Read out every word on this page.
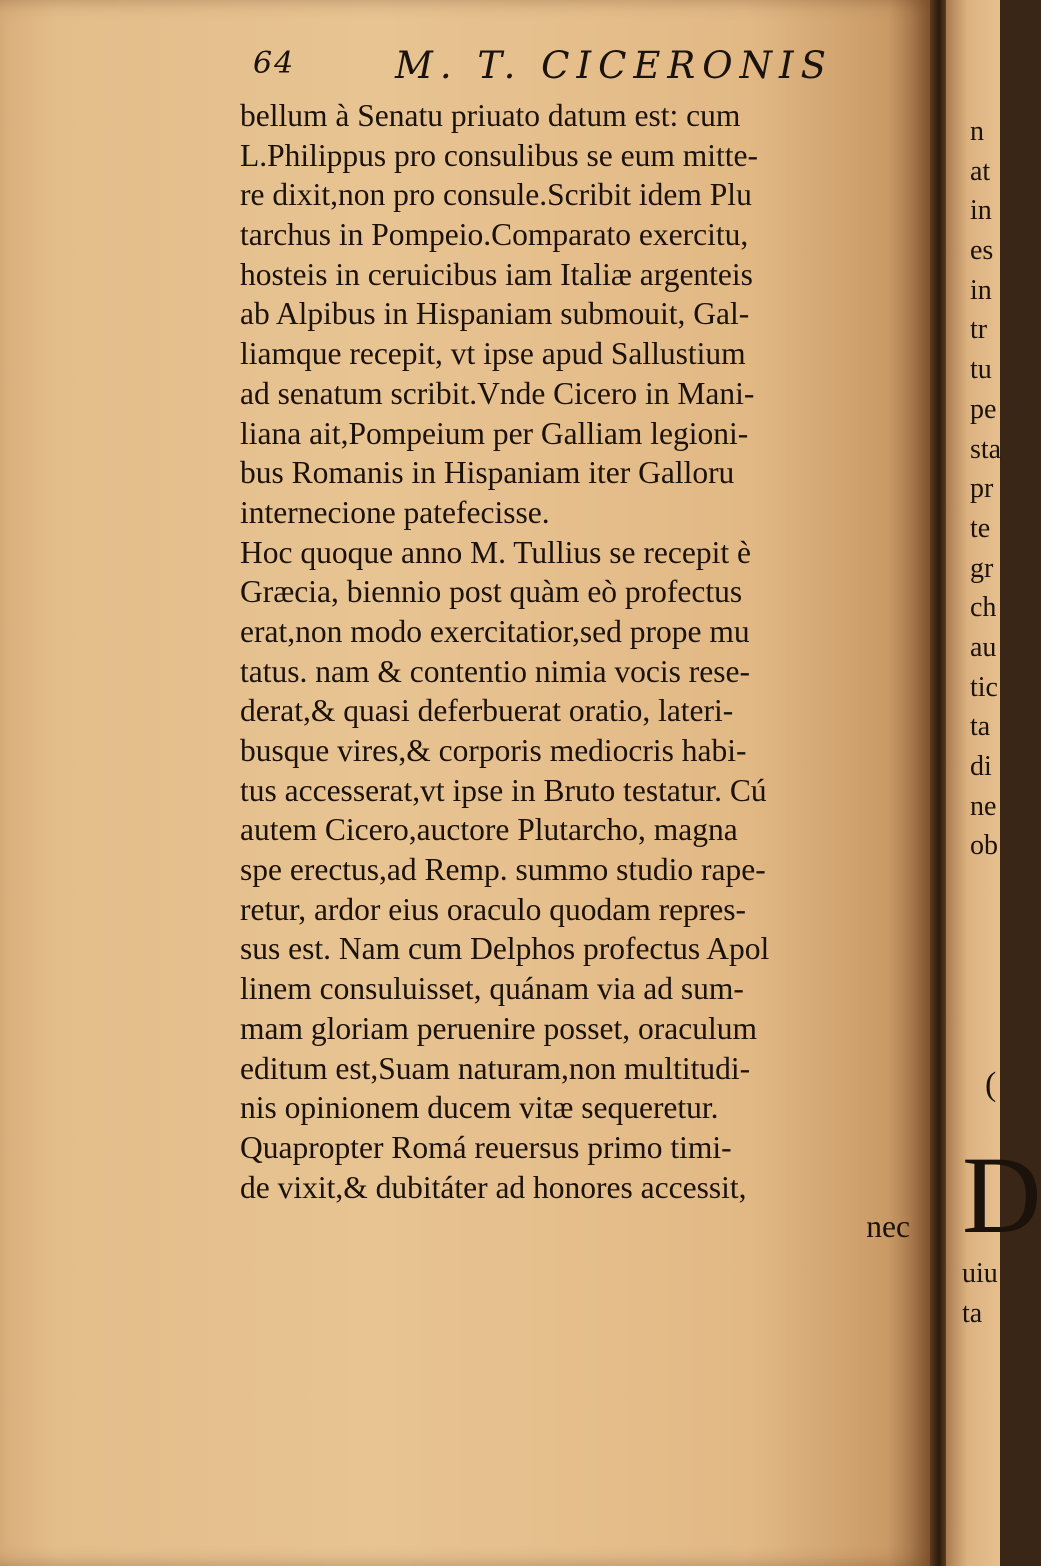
64	M. T. CICERONIS
bellum à Senatu priuato datum est: cum
L.Philippus pro consulibus se eum mitte-
re dixit,non pro consule.Scribit idem Plu
tarchus in Pompeio.Comparato exercitu,
hosteis in ceruicibus iam Italiæ argenteis
ab Alpibus in Hispaniam submouit, Gal-
liamque recepit, vt ipse apud Sallustium
ad senatum scribit.Vnde Cicero in Mani-
liana ait,Pompeium per Galliam legioni-
bus Romanis in Hispaniam iter Galloru
internecione patefecisse.
Hoc quoque anno M. Tullius se recepit è
Græcia, biennio post quàm eò profectus
erat,non modo exercitatior,sed prope mu
tatus. nam & contentio nimia vocis rese-
derat,& quasi deferbuerat oratio, lateri-
busque vires,& corporis mediocris habi-
tus accesserat,vt ipse in Bruto testatur. Cú
autem Cicero,auctore Plutarcho, magna
spe erectus,ad Remp. summo studio rape-
retur, ardor eius oraculo quodam repres-
sus est. Nam cum Delphos profectus Apol
linem consuluisset, quánam via ad sum-
mam gloriam peruenire posset, oraculum
editum est,Suam naturam,non multitudi-
nis opinionem ducem vitæ sequeretur.
Quapropter Romá reuersus primo timi-
de vixit,& dubitáter ad honores accessit,
nec
n
at
in
es
in
tr
tu
pe
sta
pr
te
gr
ch
au
tic
ta
di
ne
ob
(
D
uiu
ta
